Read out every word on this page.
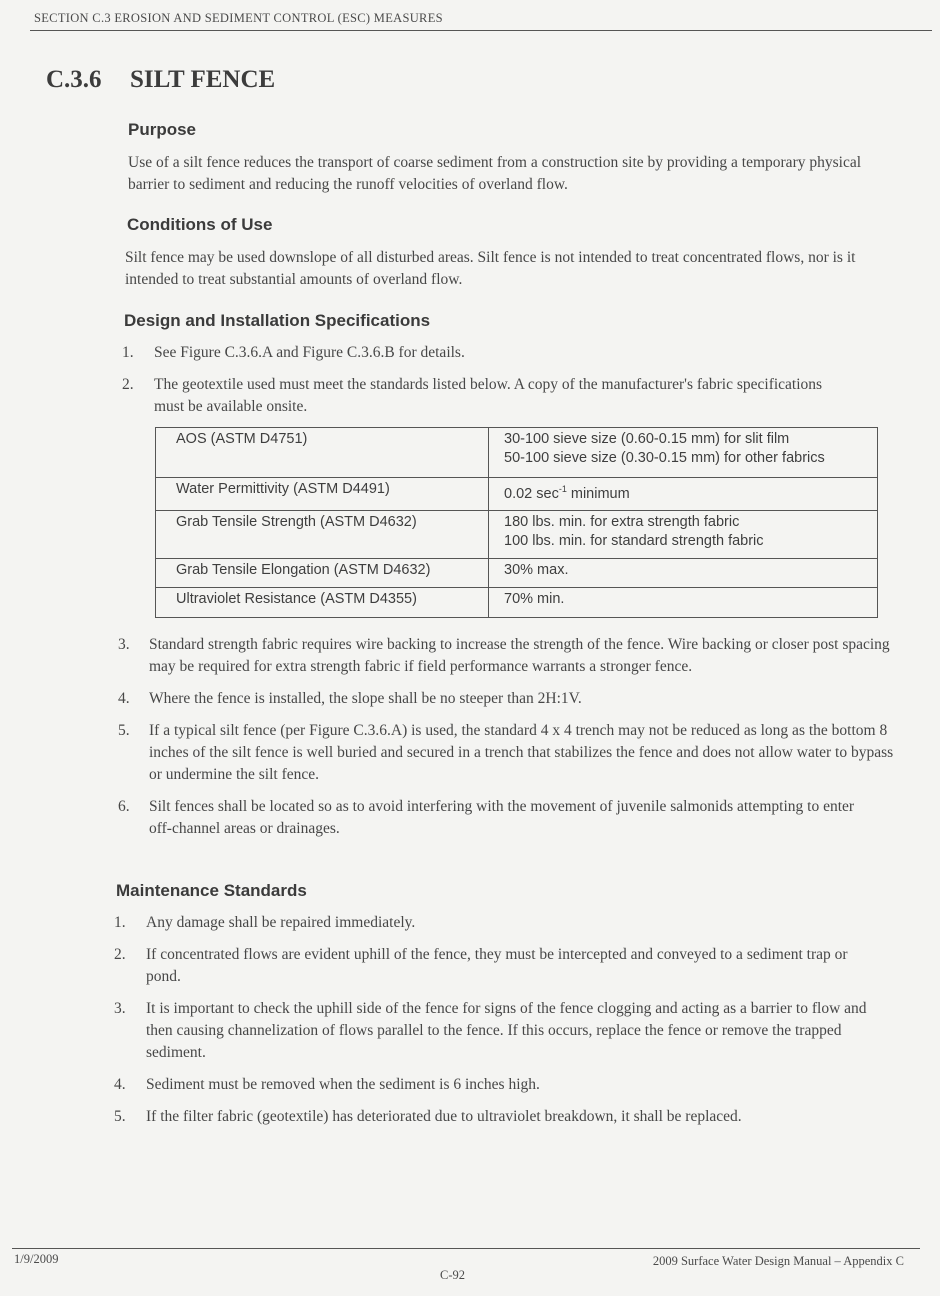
SECTION C.3 EROSION AND SEDIMENT CONTROL (ESC) MEASURES
C.3.6 SILT FENCE
Purpose

Use of a silt fence reduces the transport of coarse sediment from a construction site by providing a temporary physical barrier to sediment and reducing the runoff velocities of overland flow.

Conditions of Use

Silt fence may be used downslope of all disturbed areas. Silt fence is not intended to treat concentrated flows, nor is it intended to treat substantial amounts of overland flow.

Design and Installation Specifications
1. See Figure C.3.6.A and Figure C.3.6.B for details.
2. The geotextile used must meet the standards listed below. A copy of the manufacturer's fabric specifications must be available onsite.
AOS (ASTM D4751)	30-100 sieve size (0.60-0.15 mm) for slit film
50-100 sieve size (0.30-0.15 mm) for other fabrics

Water Permittivity (ASTM D4491)	0.02 $\sec^{-1}$ minimum
Grab Tensile Strength (ASTM D4632)	180 lbs. min. for extra strength fabric
100 lbs. min. for standard strength fabric

Grab Tensile Elongation (ASTM D4632)	30% max.

Ultraviolet Resistance (ASTM D4355)	70% min.
3. Standard strength fabric requires wire backing to increase the strength of the fence. Wire backing or closer post spacing may be required for extra strength fabric if field performance warrants a stronger fence.
4. Where the fence is installed, the slope shall be no steeper than 2H:1V.
5. If a typical silt fence (per Figure C.3.6.A) is used, the standard 4 x 4 trench may not be reduced as long as the bottom 8 inches of the silt fence is well buried and secured in a trench that stabilizes the fence and does not allow water to bypass or undermine the silt fence.
6. Silt fences shall be located so as to avoid interfering with the movement of juvenile salmonids attempting to enter off-channel areas or drainages.
Maintenance Standards
1. Any damage shall be repaired immediately.
2. If concentrated flows are evident uphill of the fence, they must be intercepted and conveyed to a sediment trap or pond.
3. It is important to check the uphill side of the fence for signs of the fence clogging and acting as a barrier to flow and then causing channelization of flows parallel to the fence. If this occurs, replace the fence or remove the trapped sediment.
4. Sediment must be removed when the sediment is 6 inches high.
5. If the filter fabric (geotextile) has deteriorated due to ultraviolet breakdown, it shall be replaced.
1/9/2009	2009 Surface Water Design Manual – Appendix C
C-92
